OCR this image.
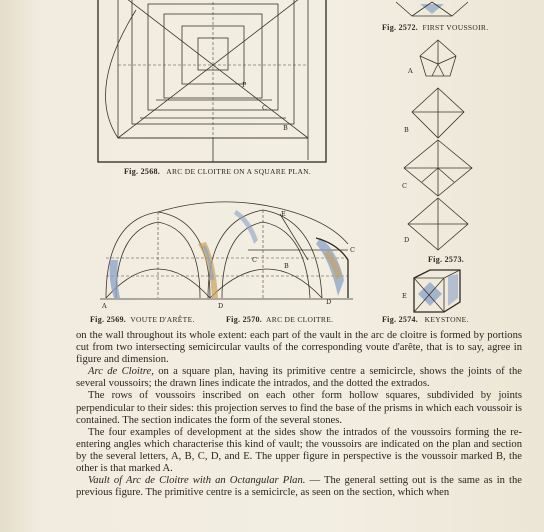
P
C
B
Fig. 2568. ARC DE CLOITRE ON A SQUARE PLAN.
A	D	D
E
C
B
C
Fig. 2569. VOUTE D'ARÊTE.	Fig. 2570. ARC DE CLOITRE.
Fig. 2572. FIRST VOUSSOIR.
A
B
C
D
Fig. 2573.
E
Fig. 2574. KEYSTONE.

on the wall throughout its whole extent: each part of the vault in the arc de cloitre is formed by portions cut from two intersecting semicircular vaults of the corresponding voute d'arête, that is to say, agree in figure and dimension.

Arc de Cloitre, on a square plan, having its primitive centre a semicircle, shows the joints of the several voussoirs; the drawn lines indicate the intrados, and the dotted the extrados.

The rows of voussoirs inscribed on each other form hollow squares, subdivided by joints perpendicular to their sides: this projection serves to find the base of the prisms in which each voussoir is contained. The section indicates the form of the several stones.

The four examples of development at the sides show the intrados of the voussoirs forming the re-entering angles which characterise this kind of vault; the voussoirs are indicated on the plan and section by the several letters, A, B, C, D, and E. The upper figure in perspective is the voussoir marked B, the other is that marked A.

Vault of Arc de Cloitre with an Octangular Plan. — The general setting out is the same as in the previous figure. The primitive centre is a semicircle, as seen on the section, which when
